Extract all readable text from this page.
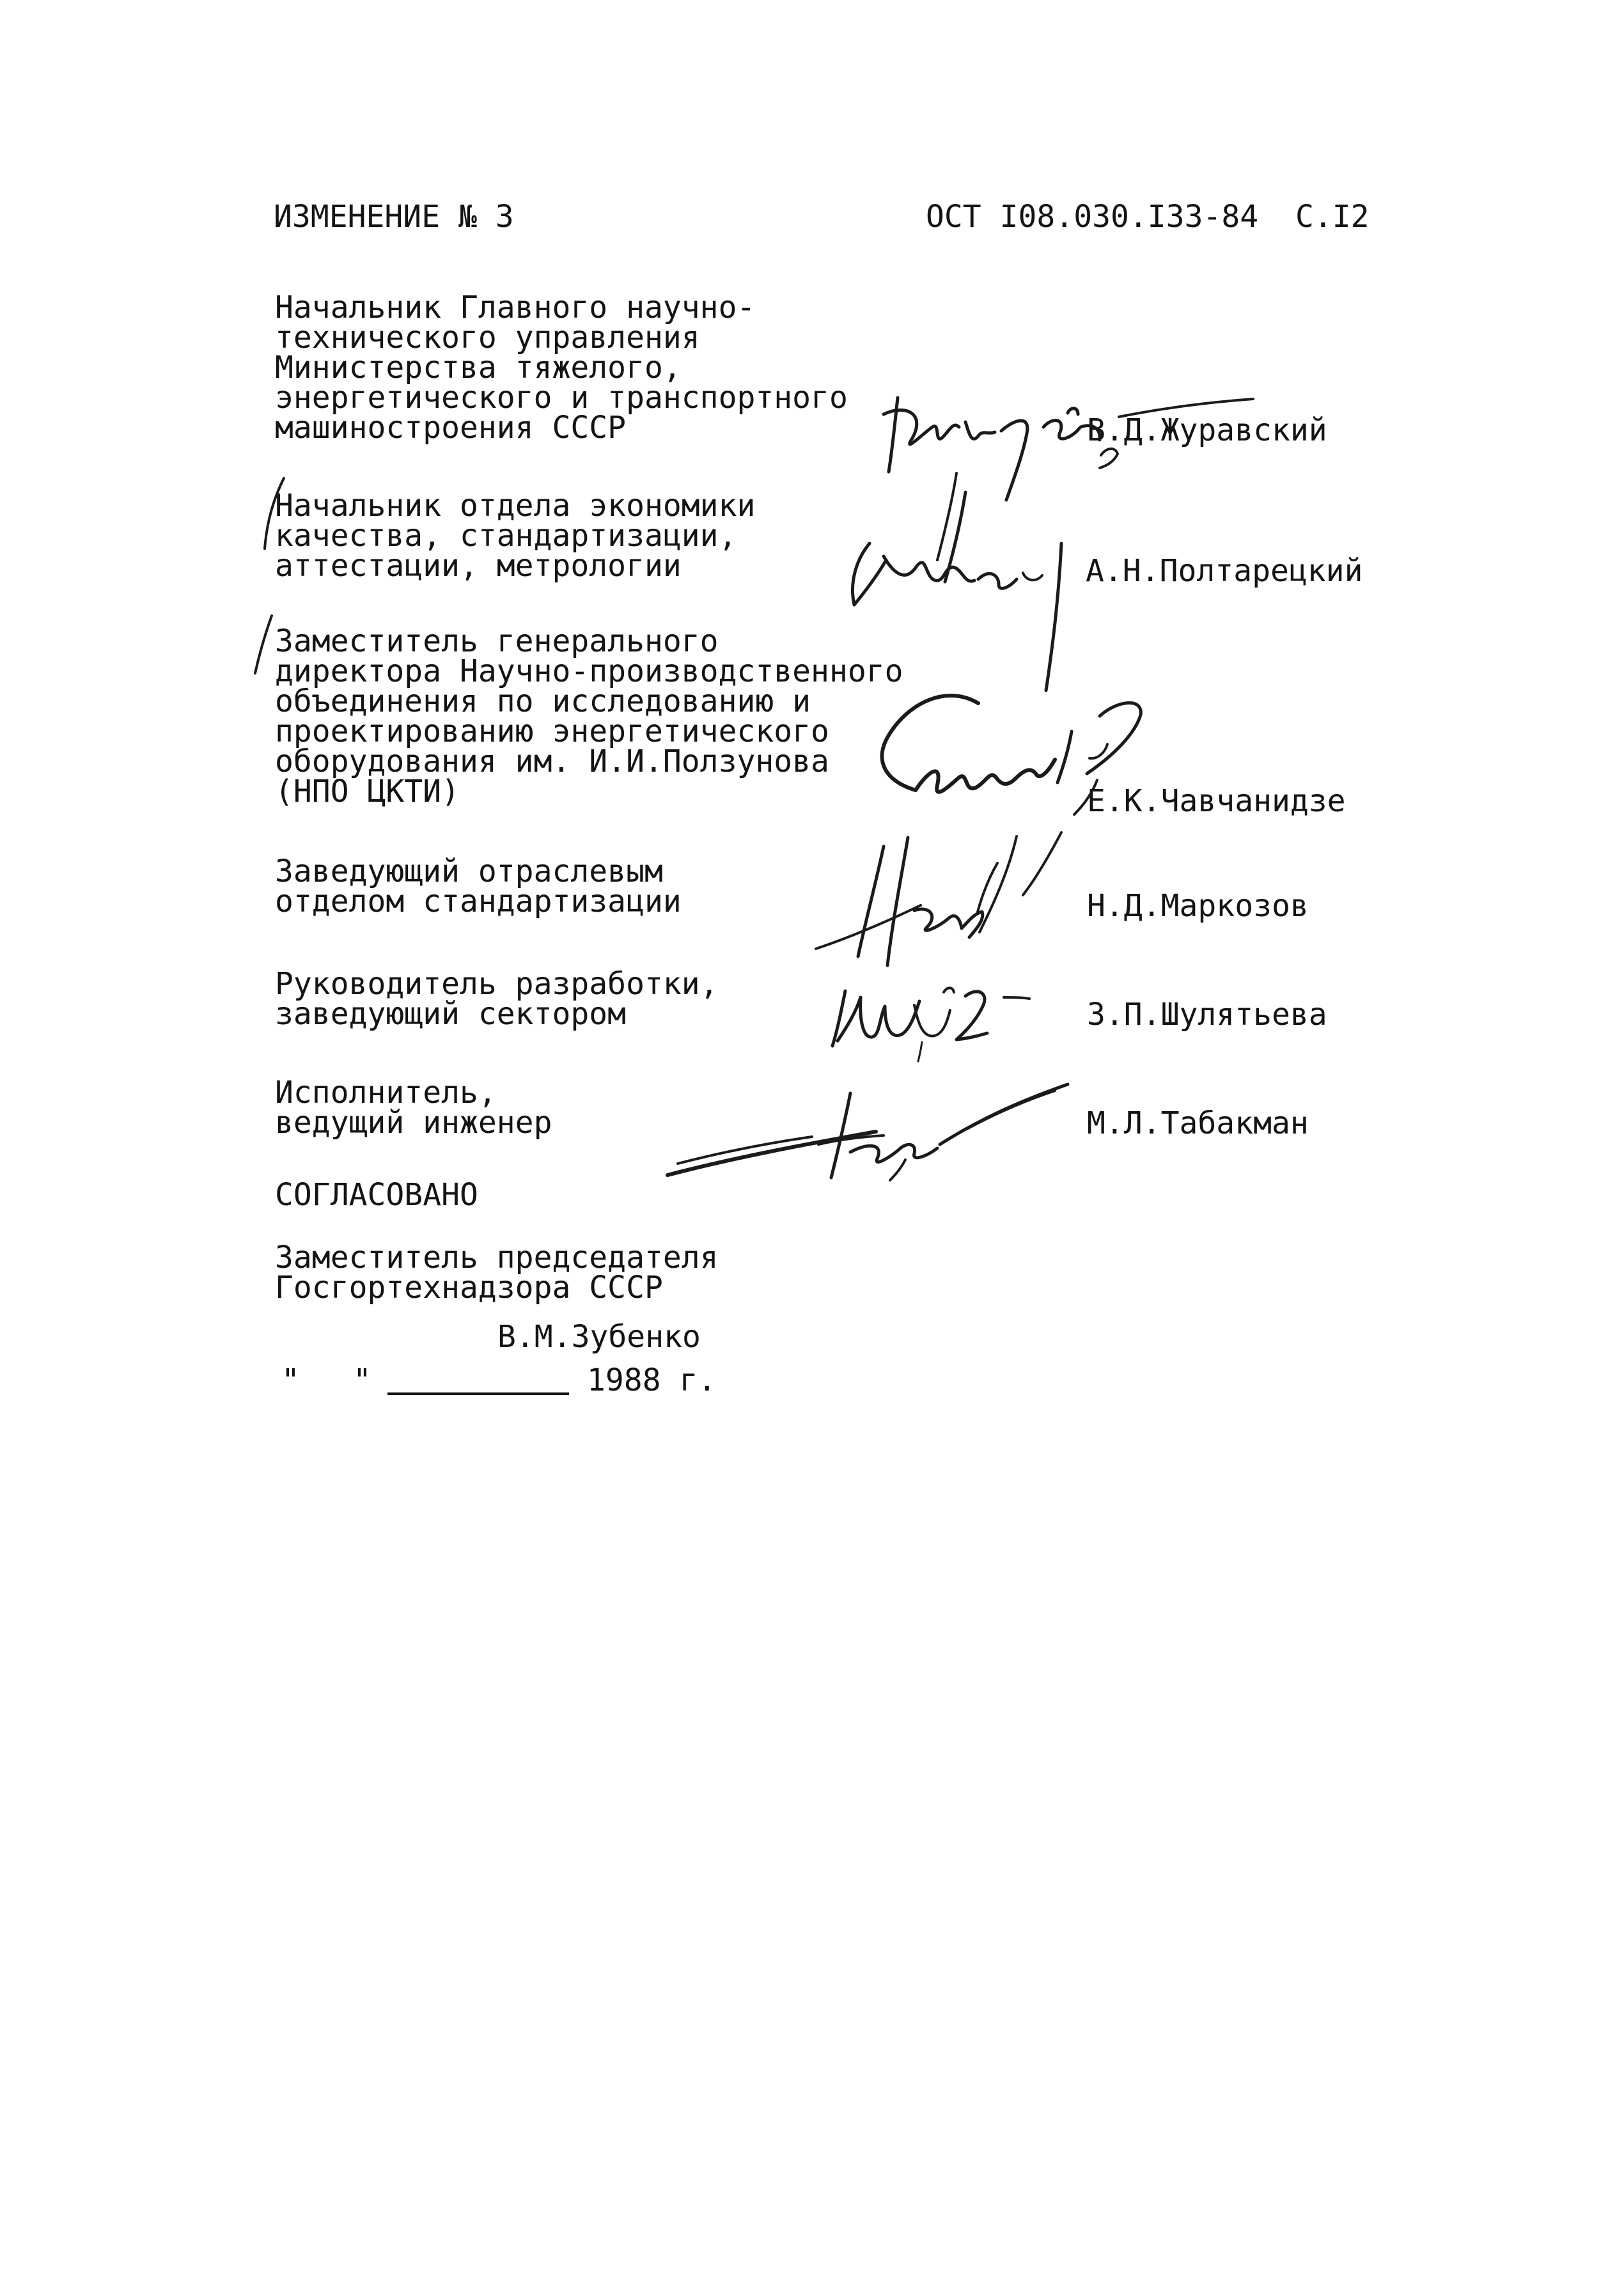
ИЗМЕНЕНИЕ № 3	ОСТ I08.030.I33-84  С.I2
Начальник Главного научно-
технического управления
Министерства тяжелого,
энергетического и транспортного
машиностроения СССР	В.Д.Журавский
Начальник отдела экономики
качества, стандартизации,
аттестации, метрологии	А.Н.Полтарецкий
Заместитель генерального
директора Научно-производственного
объединения по исследованию и
проектированию энергетического
оборудования им. И.И.Ползунова
(НПО ЦКТИ)	Е.К.Чавчанидзе
Заведующий отраслевым
отделом стандартизации	Н.Д.Маркозов
Руководитель разработки,
заведующий сектором	З.П.Шулятьева
Исполнитель,
ведущий инженер	М.Л.Табакман
СОГЛАСОВАНО
Заместитель председателя
Госгортехнадзора СССР
В.М.Зубенко
" "	1988 г.
